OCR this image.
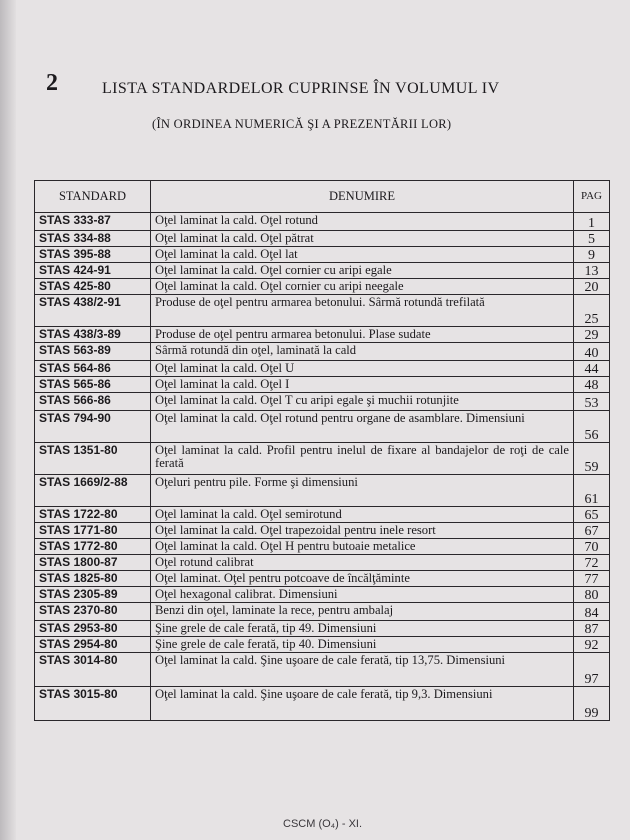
2	LISTA STANDARDELOR CUPRINSE ÎN VOLUMUL IV
(ÎN ORDINEA NUMERICĂ ŞI A PREZENTĂRII LOR)
STANDARD	DENUMIRE	PAG
STAS 333-87	Oţel laminat la cald. Oţel rotund	1
STAS 334-88	Oţel laminat la cald. Oţel pătrat	5
STAS 395-88	Oţel laminat la cald. Oţel lat	9
STAS 424-91	Oţel laminat la cald. Oţel cornier cu aripi egale	13
STAS 425-80	Oţel laminat la cald. Oţel cornier cu aripi neegale	20
STAS 438/2-91	Produse de oţel pentru armarea betonului. Sârmă rotundă trefilată	25
STAS 438/3-89	Produse de oţel pentru armarea betonului. Plase sudate	29
STAS 563-89	Sârmă rotundă din oţel, laminată la cald	40
STAS 564-86	Oţel laminat la cald. Oţel U	44
STAS 565-86	Oţel laminat la cald. Oţel I	48
STAS 566-86	Oţel laminat la cald. Oţel T cu aripi egale şi muchii rotunjite	53
STAS 794-90	Oţel laminat la cald. Oţel rotund pentru organe de asamblare. Dimensiuni	56
STAS 1351-80	Oţel laminat la cald. Profil pentru inelul de fixare al bandajelor de roţi de cale ferată	59
STAS 1669/2-88	Oţeluri pentru pile. Forme şi dimensiuni	61
STAS 1722-80	Oţel laminat la cald. Oţel semirotund	65
STAS 1771-80	Oţel laminat la cald. Oţel trapezoidal pentru inele resort	67
STAS 1772-80	Oţel laminat la cald. Oţel H pentru butoaie metalice	70
STAS 1800-87	Oţel rotund calibrat	72
STAS 1825-80	Oţel laminat. Oţel pentru potcoave de încălţăminte	77
STAS 2305-89	Oţel hexagonal calibrat. Dimensiuni	80
STAS 2370-80	Benzi din oţel, laminate la rece, pentru ambalaj	84
STAS 2953-80	Şine grele de cale ferată, tip 49. Dimensiuni	87
STAS 2954-80	Şine grele de cale ferată, tip 40. Dimensiuni	92
STAS 3014-80	Oţel laminat la cald. Şine uşoare de cale ferată, tip 13,75. Dimensiuni	97
STAS 3015-80	Oţel laminat la cald. Şine uşoare de cale ferată, tip 9,3. Dimensiuni	99
CSCM (O₄) - XI.
